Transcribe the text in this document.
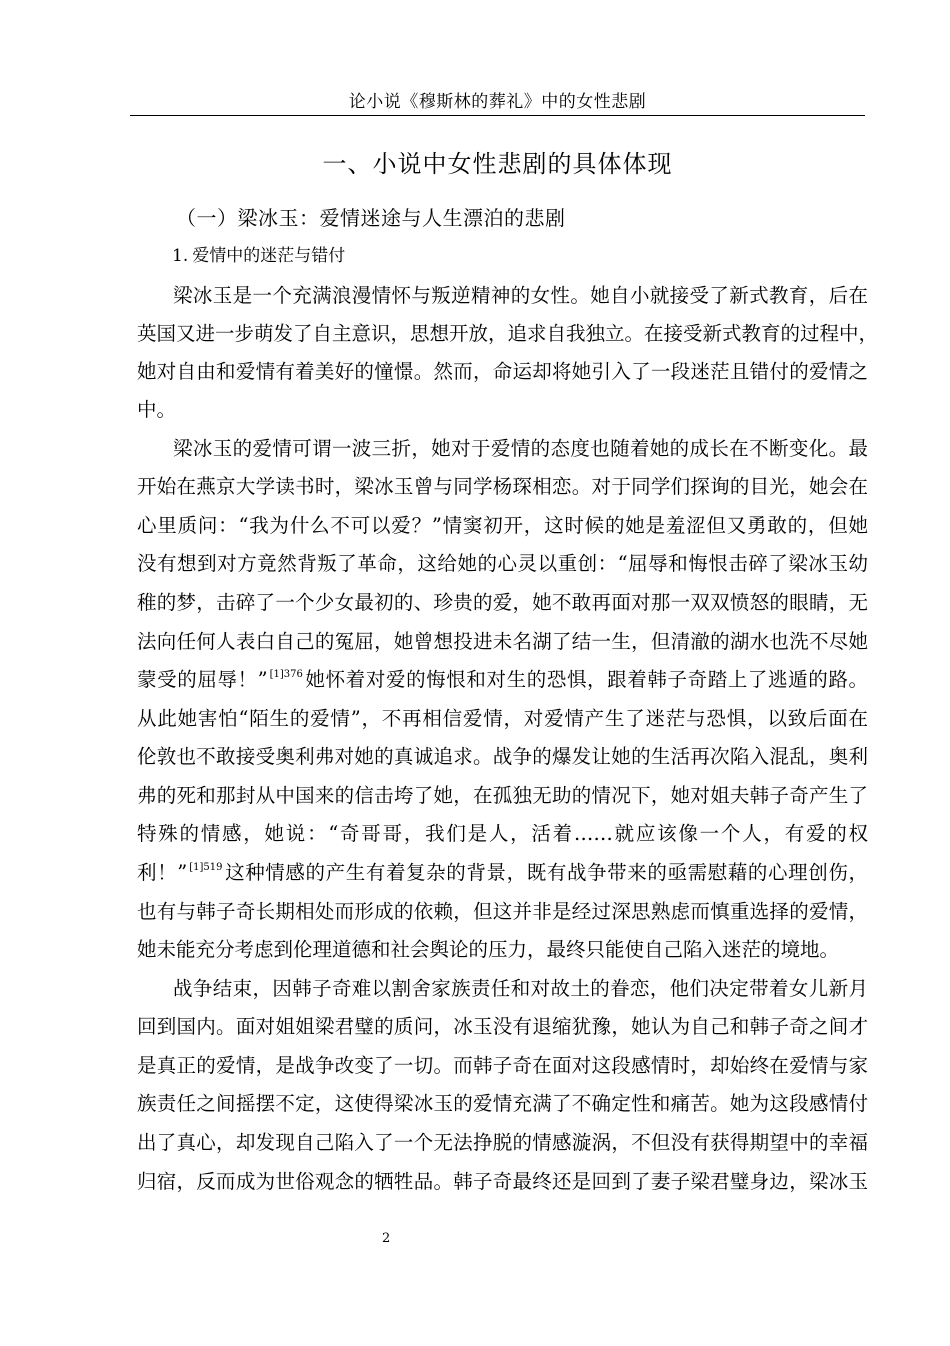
论小说《穆斯林的葬礼》中的女性悲剧
一、小说中女性悲剧的具体体现
（一）梁冰玉：爱情迷途与人生漂泊的悲剧
1. 爱情中的迷茫与错付
梁冰玉是一个充满浪漫情怀与叛逆精神的女性。她自小就接受了新式教育，后在
英国又进一步萌发了自主意识，思想开放，追求自我独立。在接受新式教育的过程中，
她对自由和爱情有着美好的憧憬。然而，命运却将她引入了一段迷茫且错付的爱情之
中。
梁冰玉的爱情可谓一波三折，她对于爱情的态度也随着她的成长在不断变化。最
开始在燕京大学读书时，梁冰玉曾与同学杨琛相恋。对于同学们探询的目光，她会在
心里质问：“我为什么不可以爱？”情窦初开，这时候的她是羞涩但又勇敢的，但她
没有想到对方竟然背叛了革命，这给她的心灵以重创：“屈辱和悔恨击碎了梁冰玉幼
稚的梦，击碎了一个少女最初的、珍贵的爱，她不敢再面对那一双双愤怒的眼睛，无
法向任何人表白自己的冤屈，她曾想投进未名湖了结一生，但清澈的湖水也洗不尽她
蒙受的屈辱！” $^{[1]376}$ 她怀着对爱的悔恨和对生的恐惧，跟着韩子奇踏上了逃遁的路。
从此她害怕“陌生的爱情”，不再相信爱情，对爱情产生了迷茫与恐惧，以致后面在
伦敦也不敢接受奥利弗对她的真诚追求。战争的爆发让她的生活再次陷入混乱，奥利
弗的死和那封从中国来的信击垮了她，在孤独无助的情况下，她对姐夫韩子奇产生了
特殊的情感，她说：“奇哥哥，我们是人，活着……就应该像一个人，有爱的权
利！” $^{[1]519}$ 这种情感的产生有着复杂的背景，既有战争带来的亟需慰藉的心理创伤，
也有与韩子奇长期相处而形成的依赖，但这并非是经过深思熟虑而慎重选择的爱情，
她未能充分考虑到伦理道德和社会舆论的压力，最终只能使自己陷入迷茫的境地。
战争结束，因韩子奇难以割舍家族责任和对故土的眷恋，他们决定带着女儿新月
回到国内。面对姐姐梁君璧的质问，冰玉没有退缩犹豫，她认为自己和韩子奇之间才
是真正的爱情，是战争改变了一切。而韩子奇在面对这段感情时，却始终在爱情与家
族责任之间摇摆不定，这使得梁冰玉的爱情充满了不确定性和痛苦。她为这段感情付
出了真心，却发现自己陷入了一个无法挣脱的情感漩涡，不但没有获得期望中的幸福
归宿，反而成为世俗观念的牺牲品。韩子奇最终还是回到了妻子梁君璧身边，梁冰玉
2
